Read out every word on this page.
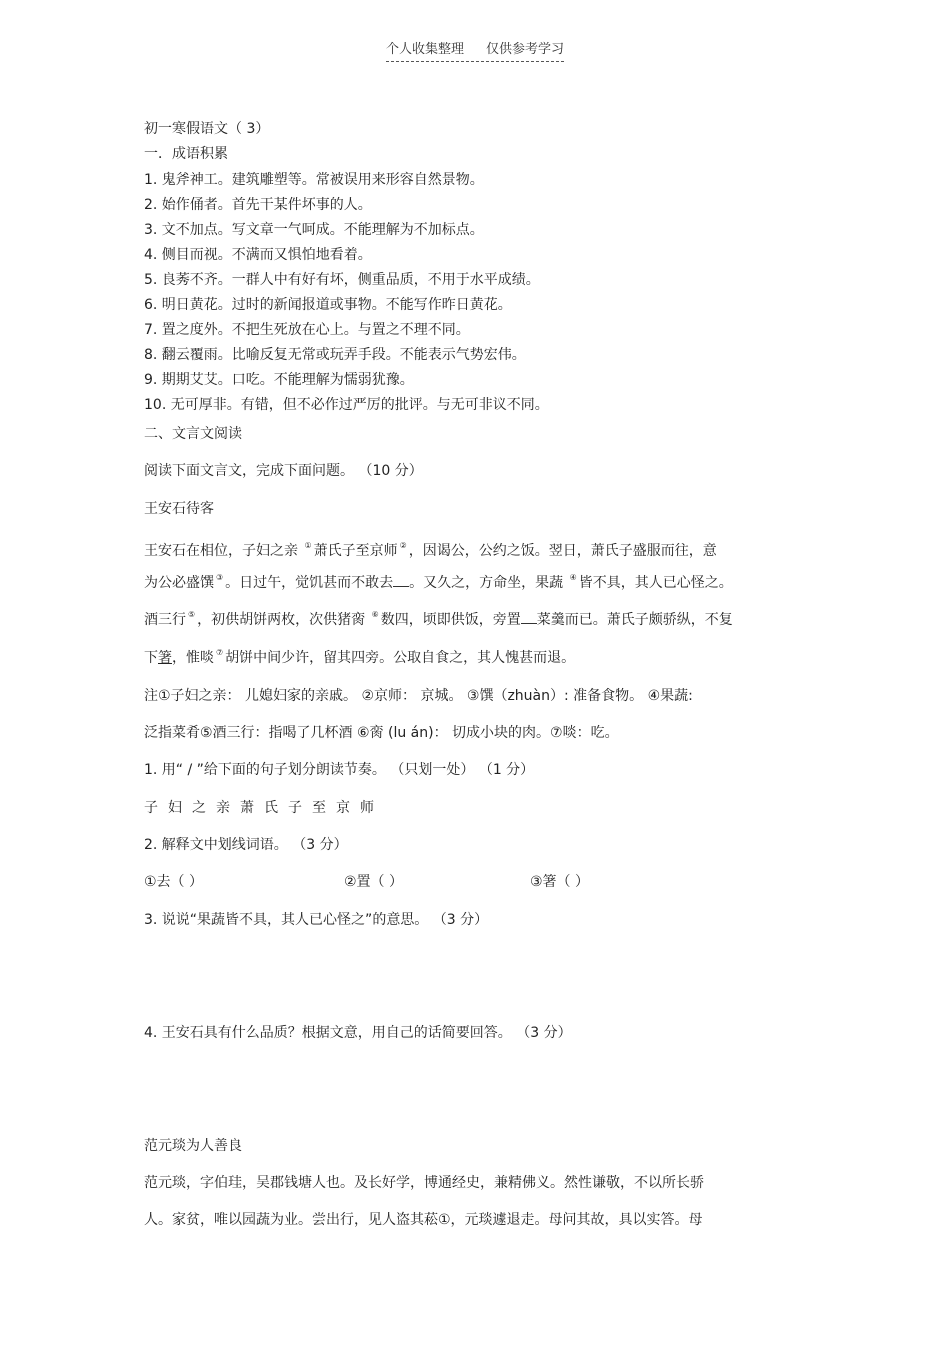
个人收集整理 仅供参考学习
初一寒假语文（ 3）
一．成语积累
1. 鬼斧神工。建筑雕塑等。常被误用来形容自然景物。
2. 始作俑者。首先干某件坏事的人。
3. 文不加点。写文章一气呵成。不能理解为不加标点。
4. 侧目而视。不满而又惧怕地看着。
5. 良莠不齐。一群人中有好有坏，侧重品质，不用于水平成绩。
6. 明日黄花。过时的新闻报道或事物。不能写作昨日黄花。
7. 置之度外。不把生死放在心上。与置之不理不同。
8. 翻云覆雨。比喻反复无常或玩弄手段。不能表示气势宏伟。
9. 期期艾艾。口吃。不能理解为懦弱犹豫。
10. 无可厚非。有错，但不必作过严厉的批评。与无可非议不同。
二、文言文阅读
阅读下面文言文，完成下面问题。 （10 分）
王安石待客
王安石在相位，子妇之亲 ① 萧氏子至京师 ② ，因谒公，公约之饭。翌日，萧氏子盛服而往，意
为公必盛馔 ③ 。日过午，觉饥甚而不敢去 。又久之，方命坐，果蔬 ④ 皆不具，其人已心怪之。
酒三行 ⑤ ，初供胡饼两枚，次供猪脔 ⑥ 数四，顷即供饭，旁置 菜羹而已。萧氏子颇骄纵，不复
下箸，惟啖 ⑦ 胡饼中间少许，留其四旁。公取自食之，其人愧甚而退。
注①子妇之亲： 儿媳妇家的亲戚。 ②京师： 京城。 ③馔（zhuàn）: 准备食物。 ④果蔬:
泛指菜肴⑤酒三行：指喝了几杯酒 ⑥脔 (lu án)： 切成小块的肉。⑦啖：吃。
1. 用“ / ”给下面的句子划分朗读节奏。 （只划一处） （1 分）
子 妇 之 亲 萧 氏 子 至 京 师
2. 解释文中划线词语。 （3 分）
①去（ ）	②置（ ）	③箸（ ）
3. 说说“果蔬皆不具，其人已心怪之”的意思。 （3 分）
4. 王安石具有什么品质？根据文意，用自己的话简要回答。 （3 分）
范元琰为人善良
范元琰，字伯珪，吴郡钱塘人也。及长好学，博通经史，兼精佛义。然性谦敬，不以所长骄
人。家贫，唯以园蔬为业。尝出行，见人盗其菘①，元琰遽退走。母问其故，具以实答。母
